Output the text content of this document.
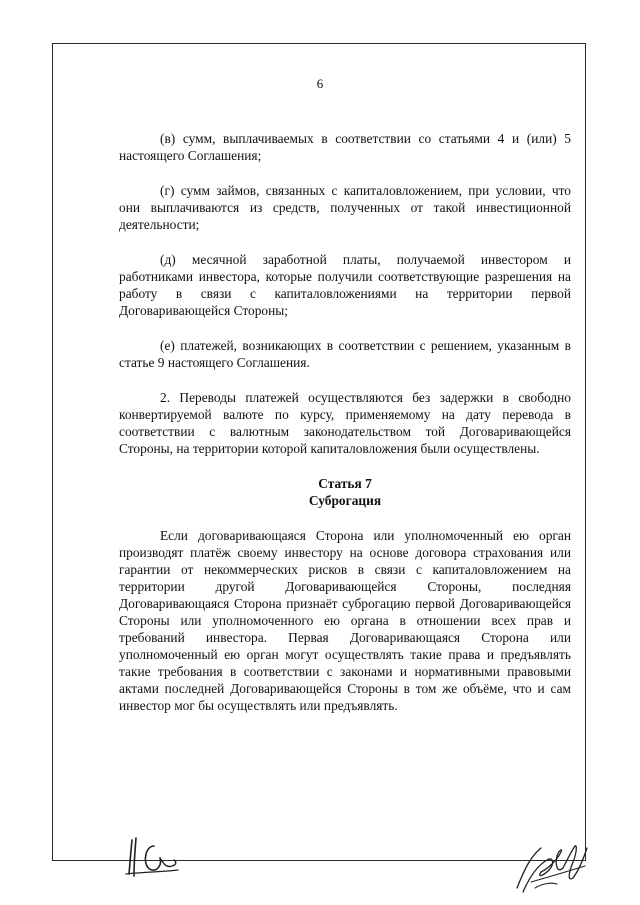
6

(в) сумм, выплачиваемых в соответствии со статьями 4 и (или) 5 настоящего Соглашения;

(г) сумм займов, связанных с капиталовложением, при условии, что они выплачиваются из средств, полученных от такой инвестиционной деятельности;

(д) месячной заработной платы, получаемой инвестором и работниками инвестора, которые получили соответствующие разрешения на работу в связи с капиталовложениями на территории первой Договаривающейся Стороны;

(е) платежей, возникающих в соответствии с решением, указанным в статье 9 настоящего Соглашения.

2. Переводы платежей осуществляются без задержки в свободно конвертируемой валюте по курсу, применяемому на дату перевода в соответствии с валютным законодательством той Договаривающейся Стороны, на территории которой капиталовложения были осуществлены.

Статья 7

Суброгация

Если договаривающаяся Сторона или уполномоченный ею орган производят платёж своему инвестору на основе договора страхования или гарантии от некоммерческих рисков в связи с капиталовложением на территории другой Договаривающейся Стороны, последняя Договаривающаяся Сторона признаёт суброгацию первой Договаривающейся Стороны или уполномоченного ею органа в отношении всех прав и требований инвестора. Первая Договаривающаяся Сторона или уполномоченный ею орган могут осуществлять такие права и предъявлять такие требования в соответствии с законами и нормативными правовыми актами последней Договаривающейся Стороны в том же объёме, что и сам инвестор мог бы осуществлять или предъявлять.
